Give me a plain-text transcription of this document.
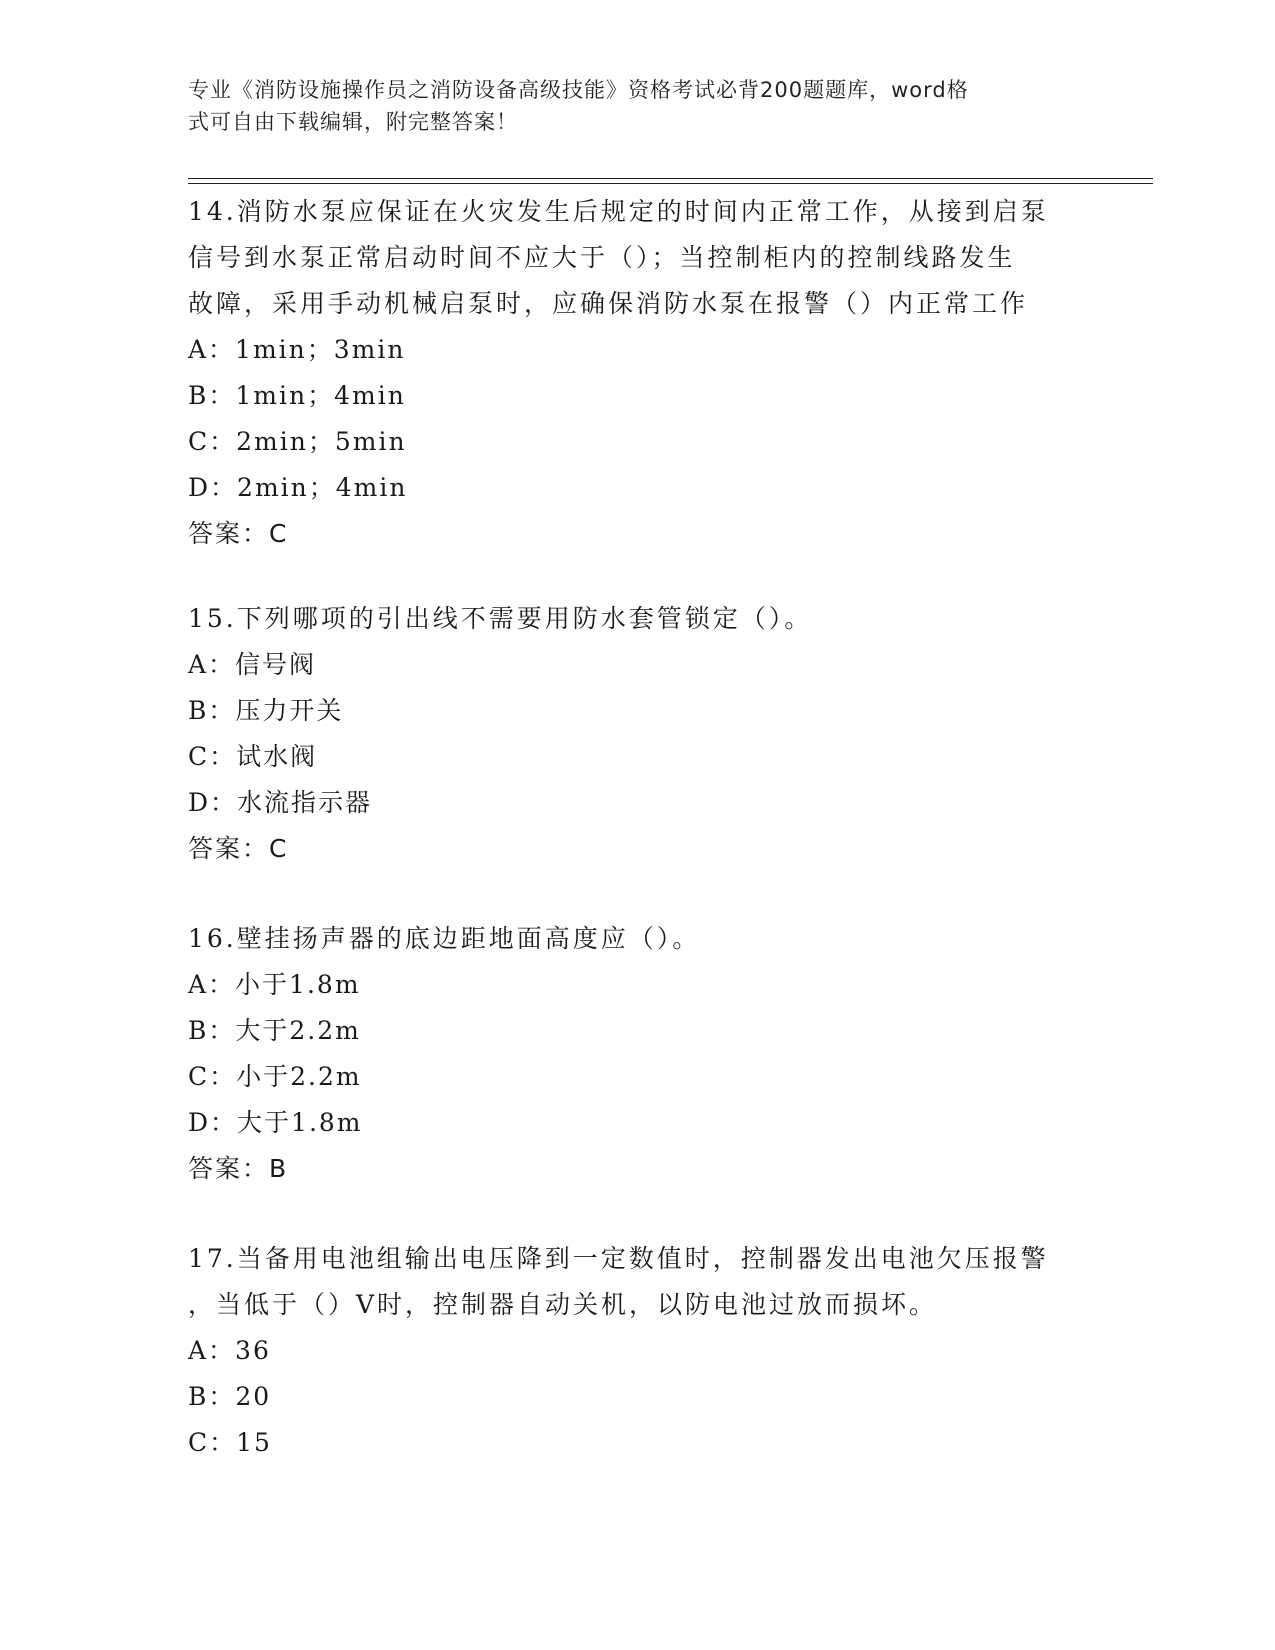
专业《消防设施操作员之消防设备高级技能》资格考试必背200题题库，word格
式可自由下载编辑，附完整答案！

14.消防水泵应保证在火灾发生后规定的时间内正常工作，从接到启泵

信号到水泵正常启动时间不应大于（）；当控制柜内的控制线路发生

故障，采用手动机械启泵时，应确保消防水泵在报警（）内正常工作

A：1min；3min

B：1min；4min

C：2min；5min

D：2min；4min

答案：C

15.下列哪项的引出线不需要用防水套管锁定（）。

A：信号阀

B：压力开关

C：试水阀

D：水流指示器

答案：C

16.壁挂扬声器的底边距地面高度应（）。

A：小于1.8m

B：大于2.2m

C：小于2.2m

D：大于1.8m

答案：B

17.当备用电池组输出电压降到一定数值时，控制器发出电池欠压报警

，当低于（）V时，控制器自动关机，以防电池过放而损坏。

A：36

B：20

C：15
